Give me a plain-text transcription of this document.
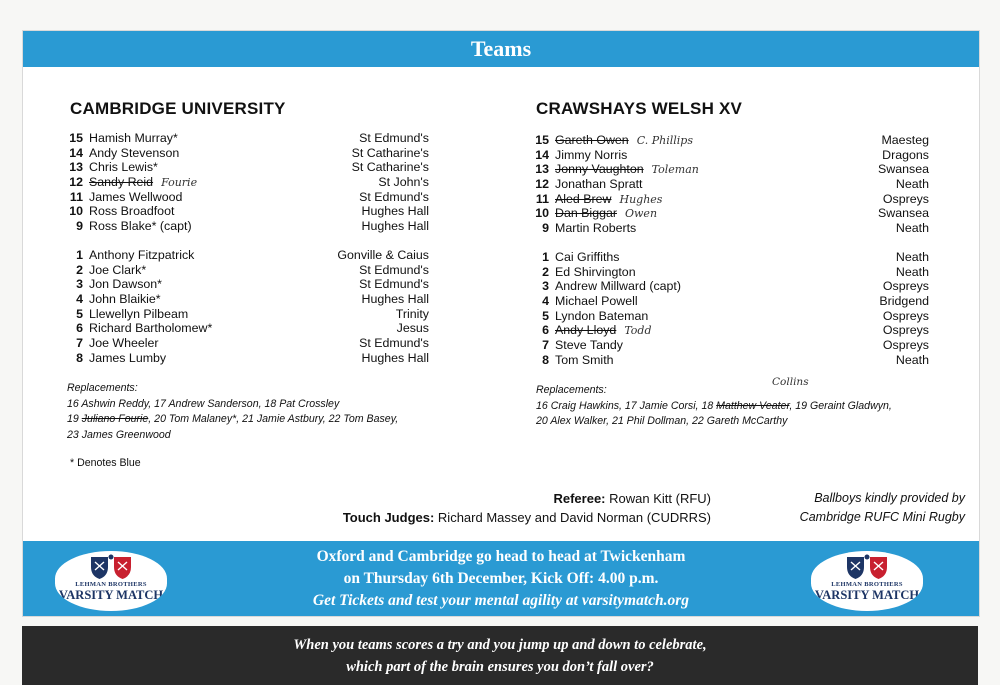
Teams
CAMBRIDGE UNIVERSITY	CRAWSHAYS WELSH XV
15 Hamish Murray*	St Edmund's
14 Andy Stevenson	St Catharine's
13 Chris Lewis*	St Catharine's
12 Sandy Reid Fourie	St John's
11 James Wellwood	St Edmund's
10 Ross Broadfoot	Hughes Hall
9 Ross Blake* (capt)	Hughes Hall
1 Anthony Fitzpatrick	Gonville & Caius
2 Joe Clark*	St Edmund's
3 Jon Dawson*	St Edmund's
4 John Blaikie*	Hughes Hall
5 Llewellyn Pilbeam	Trinity
6 Richard Bartholomew*	Jesus
7 Joe Wheeler	St Edmund's
8 James Lumby	Hughes Hall
15 Gareth Owen C. Phillips	Maesteg
14 Jimmy Norris	Dragons
13 Jonny Vaughton Toleman	Swansea
12 Jonathan Spratt	Neath
11 Aled Brew Hughes	Ospreys
10 Dan Biggar Owen	Swansea
9 Martin Roberts	Neath
1 Cai Griffiths	Neath
2 Ed Shirvington	Neath
3 Andrew Millward (capt)	Ospreys
4 Michael Powell	Bridgend
5 Lyndon Bateman	Ospreys
6 Andy Lloyd Todd	Ospreys
7 Steve Tandy	Ospreys
8 Tom Smith	Neath
Replacements:
16 Ashwin Reddy, 17 Andrew Sanderson, 18 Pat Crossley
19 Juliano Fourie, 20 Tom Malaney*, 21 Jamie Astbury, 22 Tom Basey,
23 James Greenwood
Replacements:
Collins
16 Craig Hawkins, 17 Jamie Corsi, 18 Matthew Veater, 19 Geraint Gladwyn,
20 Alex Walker, 21 Phil Dollman, 22 Gareth McCarthy
* Denotes Blue
Referee: Rowan Kitt (RFU)
Touch Judges: Richard Massey and David Norman (CUDRRS)
Ballboys kindly provided by
Cambridge RUFC Mini Rugby

Oxford and Cambridge go head to head at Twickenham

on Thursday 6th December, Kick Off: 4.00 p.m.

Get Tickets and test your mental agility at varsitymatch.org

LEHMAN BROTHERS
VARSITY MATCH
LEHMAN BROTHERS
VARSITY MATCH

When you teams scores a try and you jump up and down to celebrate,

which part of the brain ensures you don’t fall over?
